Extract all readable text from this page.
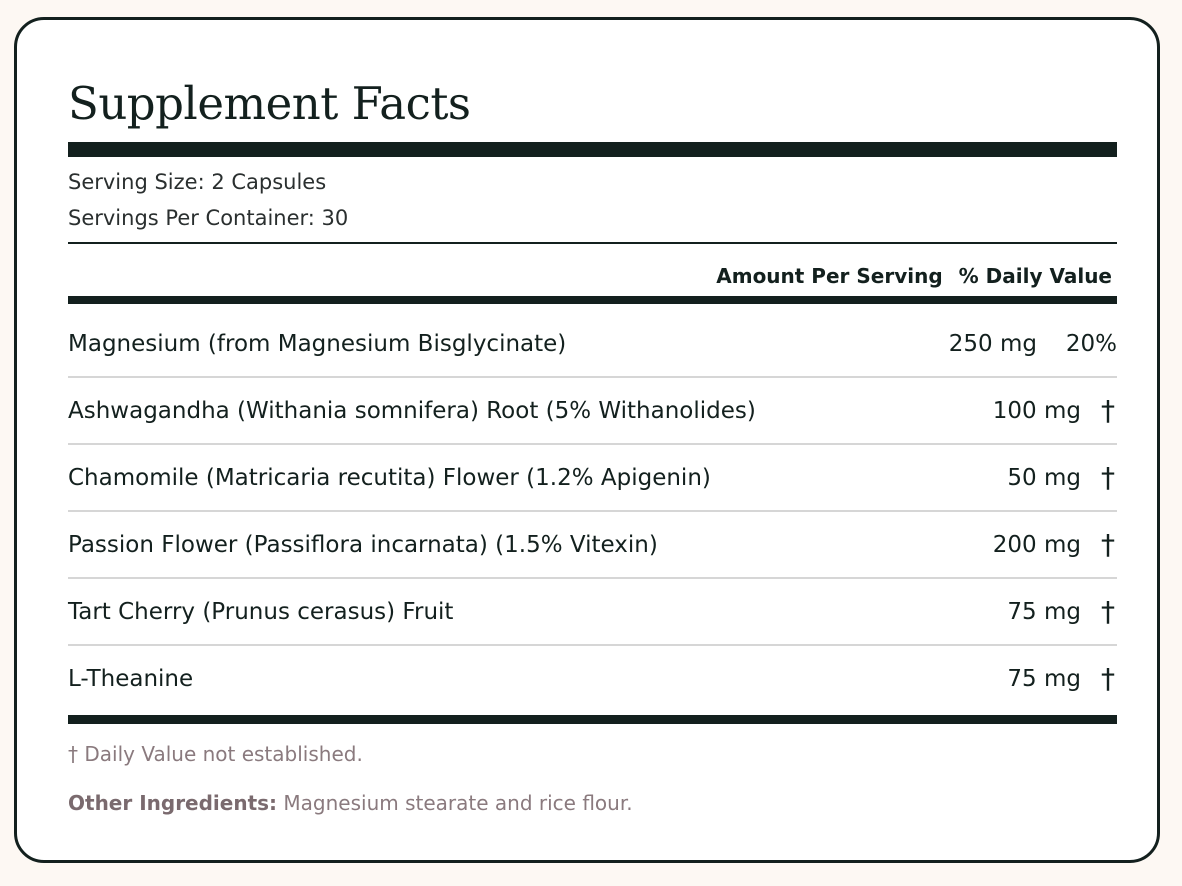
Supplement Facts
Serving Size: 2 Capsules
Servings Per Container: 30
Amount Per Serving % Daily Value
Magnesium (from Magnesium Bisglycinate)	250 mg 20%
Ashwagandha (Withania somnifera) Root (5% Withanolides)	100 mg †
Chamomile (Matricaria recutita) Flower (1.2% Apigenin)	50 mg †
Passion Flower (Passiflora incarnata) (1.5% Vitexin)	200 mg †
Tart Cherry (Prunus cerasus) Fruit	75 mg †
L-Theanine	75 mg †
† Daily Value not established.
Other Ingredients: Magnesium stearate and rice flour.
